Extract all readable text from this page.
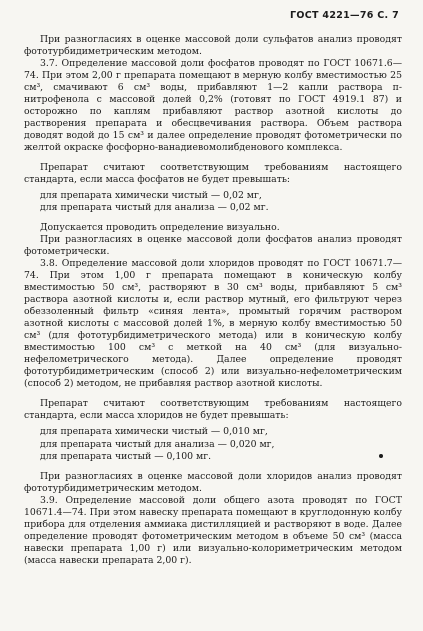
ГОСТ 4221—76 С. 7

При разногласиях в оценке массовой доли сульфатов анализ проводят фототурбидиметрическим методом.

3.7. Определение массовой доли фосфатов проводят по ГОСТ 10671.6—74. При этом 2,00 г препарата помещают в мерную колбу вместимостью 25 см³, смачивают 6 см³ воды, прибавляют 1—2 капли раствора п-нитрофенола с массовой долей 0,2% (готовят по ГОСТ 4919.1 87) и осторожно по каплям прибавляют раствор азотной кислоты до растворения препарата и обесцвечивания раствора. Объем раствора доводят водой до 15 см³ и далее определение проводят фотометрически по желтой окраске фосфорно-ванадиевомолибденового комплекса.

Препарат считают соответствующим требованиям настоящего стандарта, если масса фосфатов не будет превышать:

для препарата химически чистый — 0,02 мг,
для препарата чистый для анализа — 0,02 мг.

Допускается проводить определение визуально.

При разногласиях в оценке массовой доли фосфатов анализ проводят фотометрически.

3.8. Определение массовой доли хлоридов проводят по ГОСТ 10671.7—74. При этом 1,00 г препарата помещают в коническую колбу вместимостью 50 см³, растворяют в 30 см³ воды, прибавляют 5 см³ раствора азотной кислоты и, если раствор мутный, его фильтруют через обеззоленный фильтр «синяя лента», промытый горячим раствором азотной кислоты с массовой долей 1%, в мерную колбу вместимостью 50 см³ (для фототурбидиметрического метода) или в коническую колбу вместимостью 100 см³ с меткой на 40 см³ (для визуально-нефелометрического метода). Далее определение проводят фототурбидиметрическим (способ 2) или визуально-нефелометрическим (способ 2) методом, не прибавляя раствор азотной кислоты.

Препарат считают соответствующим требованиям настоящего стандарта, если масса хлоридов не будет превышать:

для препарата химически чистый — 0,010 мг,
для препарата чистый для анализа — 0,020 мг,
для препарата чистый — 0,100 мг.

При разногласиях в оценке массовой доли хлоридов анализ проводят фототурбидиметрическим методом.

3.9. Определение массовой доли общего азота проводят по ГОСТ 10671.4—74. При этом навеску препарата помещают в круглодонную колбу прибора для отделения аммиака дистилляцией и растворяют в воде. Далее определение проводят фотометрическим методом в объеме 50 см³ (масса навески препарата 1,00 г) или визуально-колориметрическим методом (масса навески препарата 2,00 г).
